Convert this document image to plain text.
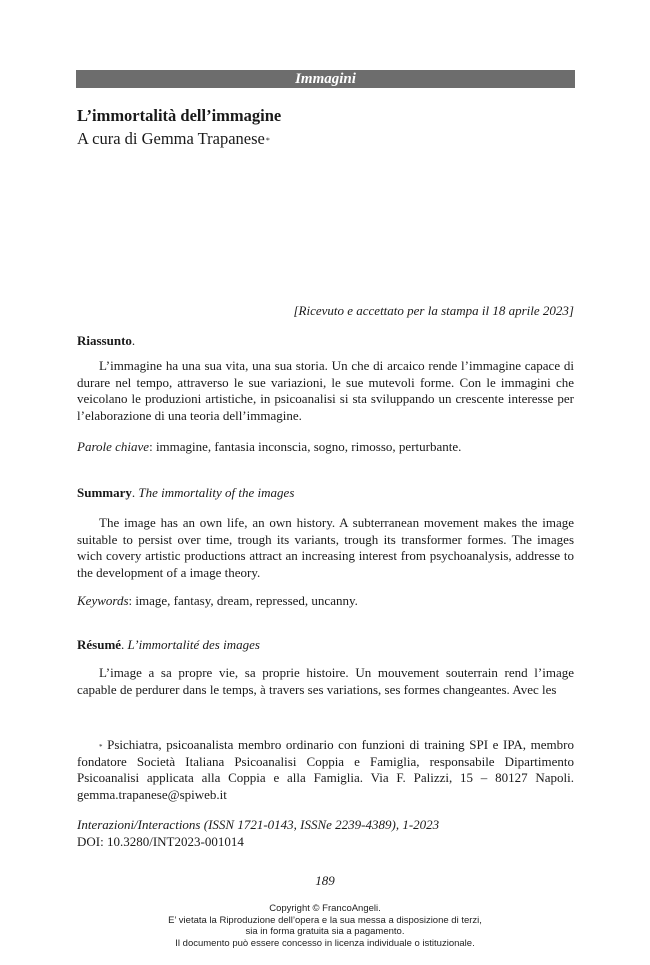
Immagini
L’immortalità dell’immagine
A cura di Gemma Trapanese*
[Ricevuto e accettato per la stampa il 18 aprile 2023]
Riassunto.

L’immagine ha una sua vita, una sua storia. Un che di arcaico rende l’immagine capace di durare nel tempo, attraverso le sue variazioni, le sue mutevoli forme. Con le immagini che veicolano le produzioni artistiche, in psicoanalisi si sta sviluppando un crescente interesse per l’elaborazione di una teoria dell’immagine.

Parole chiave: immagine, fantasia inconscia, sogno, rimosso, perturbante.

Summary. The immortality of the images

The image has an own life, an own history. A subterranean movement makes the image suitable to persist over time, trough its variants, trough its transformer formes. The images wich covery artistic productions attract an increasing interest from psychoanalysis, addresse to the development of a image theory.

Keywords: image, fantasy, dream, repressed, uncanny.

Résumé. L’immortalité des images

L’image a sa propre vie, sa proprie histoire. Un mouvement souterrain rend l’image capable de perdurer dans le temps, à travers ses variations, ses formes changeantes. Avec les

* Psichiatra, psicoanalista membro ordinario con funzioni di training SPI e IPA, membro fondatore Società Italiana Psicoanalisi Coppia e Famiglia, responsabile Dipartimento Psicoanalisi applicata alla Coppia e alla Famiglia. Via F. Palizzi, 15 – 80127 Napoli. gemma.trapanese@spiweb.it
Interazioni/Interactions (ISSN 1721-0143, ISSNe 2239-4389), 1-2023
DOI: 10.3280/INT2023-001014
189
Copyright © FrancoAngeli.
E’ vietata la Riproduzione dell’opera e la sua messa a disposizione di terzi,
sia in forma gratuita sia a pagamento.
Il documento può essere concesso in licenza individuale o istituzionale.
